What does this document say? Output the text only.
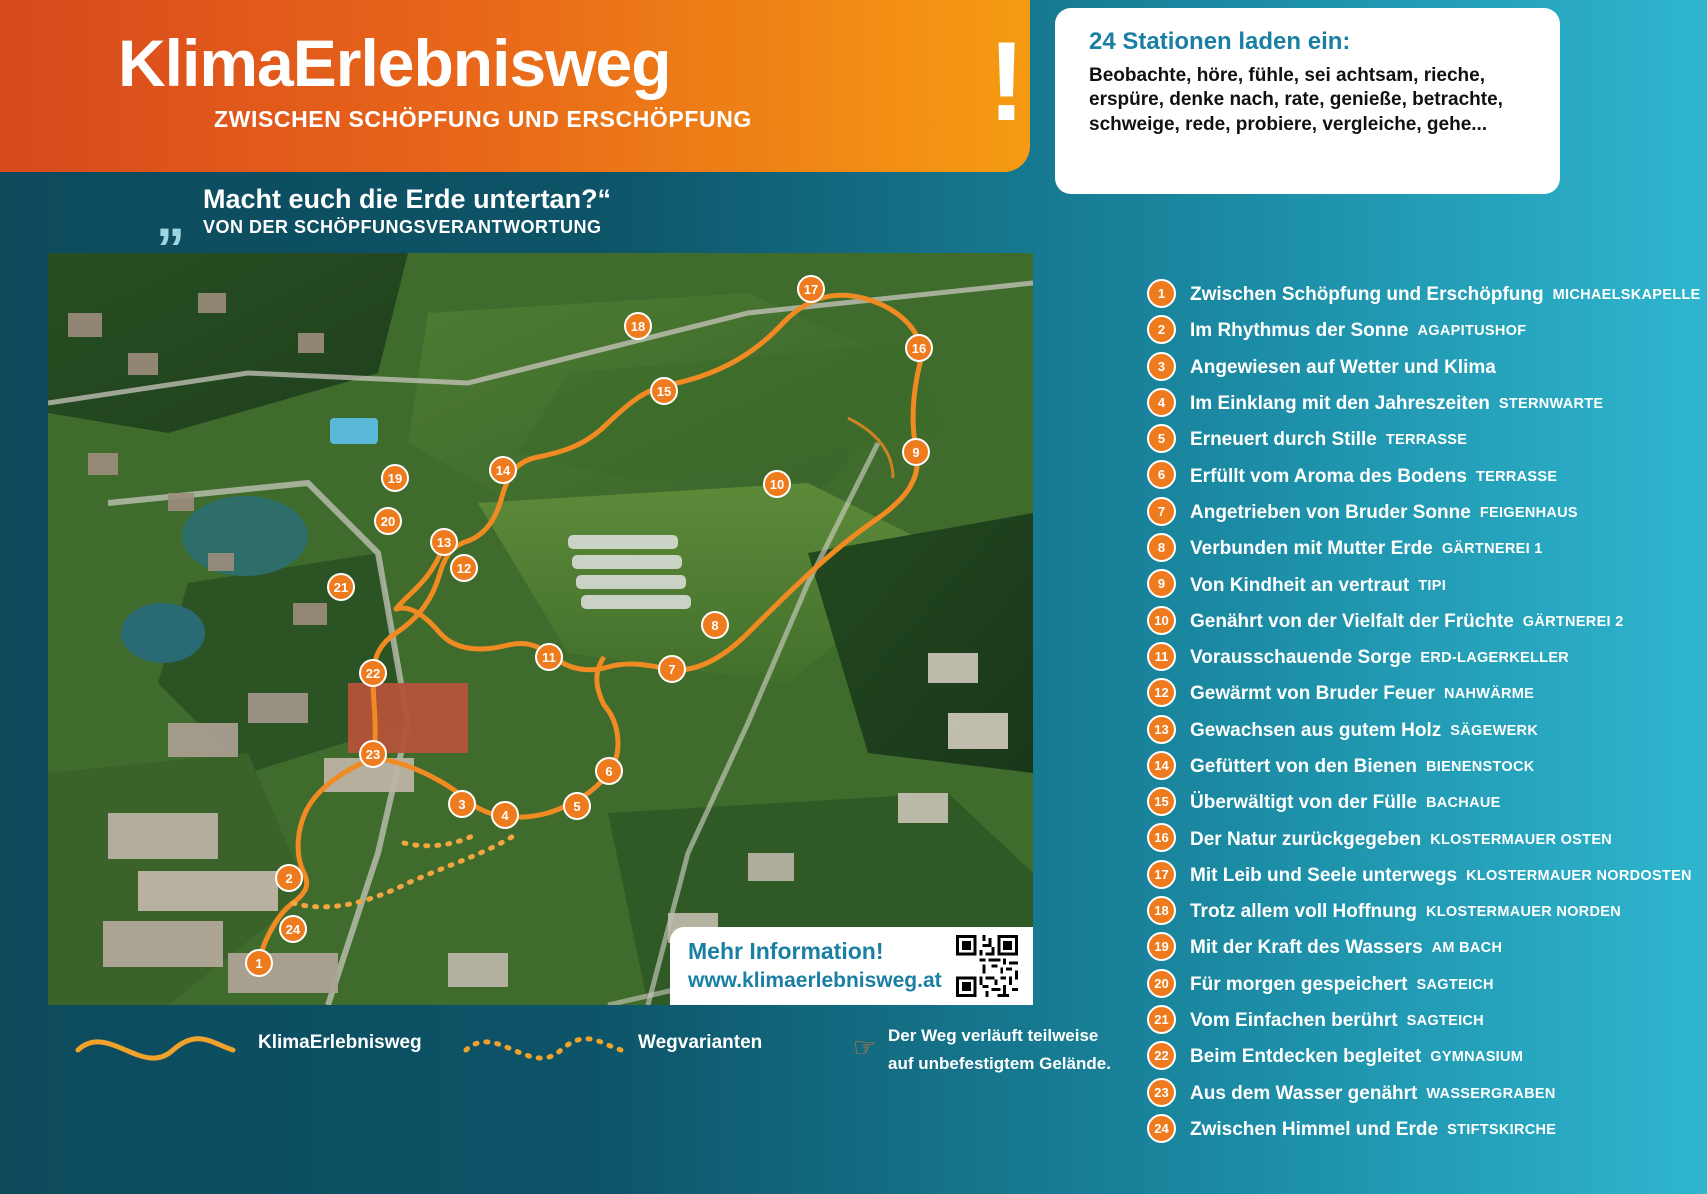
KlimaErlebnisweg
ZWISCHEN SCHÖPFUNG UND ERSCHÖPFUNG !	24 Stationen laden ein:

Beobachte, höre, fühle, sei achtsam, rieche, erspüre, denke nach, rate, genieße, betrachte, schweige, rede, probiere, vergleiche, gehe...

„ Macht euch die Erde untertan?“
VON DER SCHÖPFUNGSVERANTWORTUNG
17
18
16
15
19
14
9
10
20
13
12
21
8
11
7
22
23
6
3
4
5
2
24
1	Mehr Information!
www.klimaerlebnisweg.at
KlimaErlebnisweg	Wegvarianten	☞ Der Weg verläuft teilweise
auf unbefestigtem Gelände.
1	Zwischen Schöpfung und Erschöpfung MICHAELSKAPELLE
2	Im Rhythmus der Sonne AGAPITUSHOF
3	Angewiesen auf Wetter und Klima
4	Im Einklang mit den Jahreszeiten STERNWARTE
5	Erneuert durch Stille TERRASSE
6	Erfüllt vom Aroma des Bodens TERRASSE
7	Angetrieben von Bruder Sonne FEIGENHAUS
8	Verbunden mit Mutter Erde GÄRTNEREI 1
9	Von Kindheit an vertraut TIPI
10	Genährt von der Vielfalt der Früchte GÄRTNEREI 2
11	Vorausschauende Sorge ERD-LAGERKELLER
12	Gewärmt von Bruder Feuer NAHWÄRME
13	Gewachsen aus gutem Holz SÄGEWERK
14	Gefüttert von den Bienen BIENENSTOCK
15	Überwältigt von der Fülle BACHAUE
16	Der Natur zurückgegeben KLOSTERMAUER OSTEN
17	Mit Leib und Seele unterwegs KLOSTERMAUER NORDOSTEN
18	Trotz allem voll Hoffnung KLOSTERMAUER NORDEN
19	Mit der Kraft des Wassers AM BACH
20	Für morgen gespeichert SAGTEICH
21	Vom Einfachen berührt SAGTEICH
22	Beim Entdecken begleitet GYMNASIUM
23	Aus dem Wasser genährt WASSERGRABEN
24	Zwischen Himmel und Erde STIFTSKIRCHE
